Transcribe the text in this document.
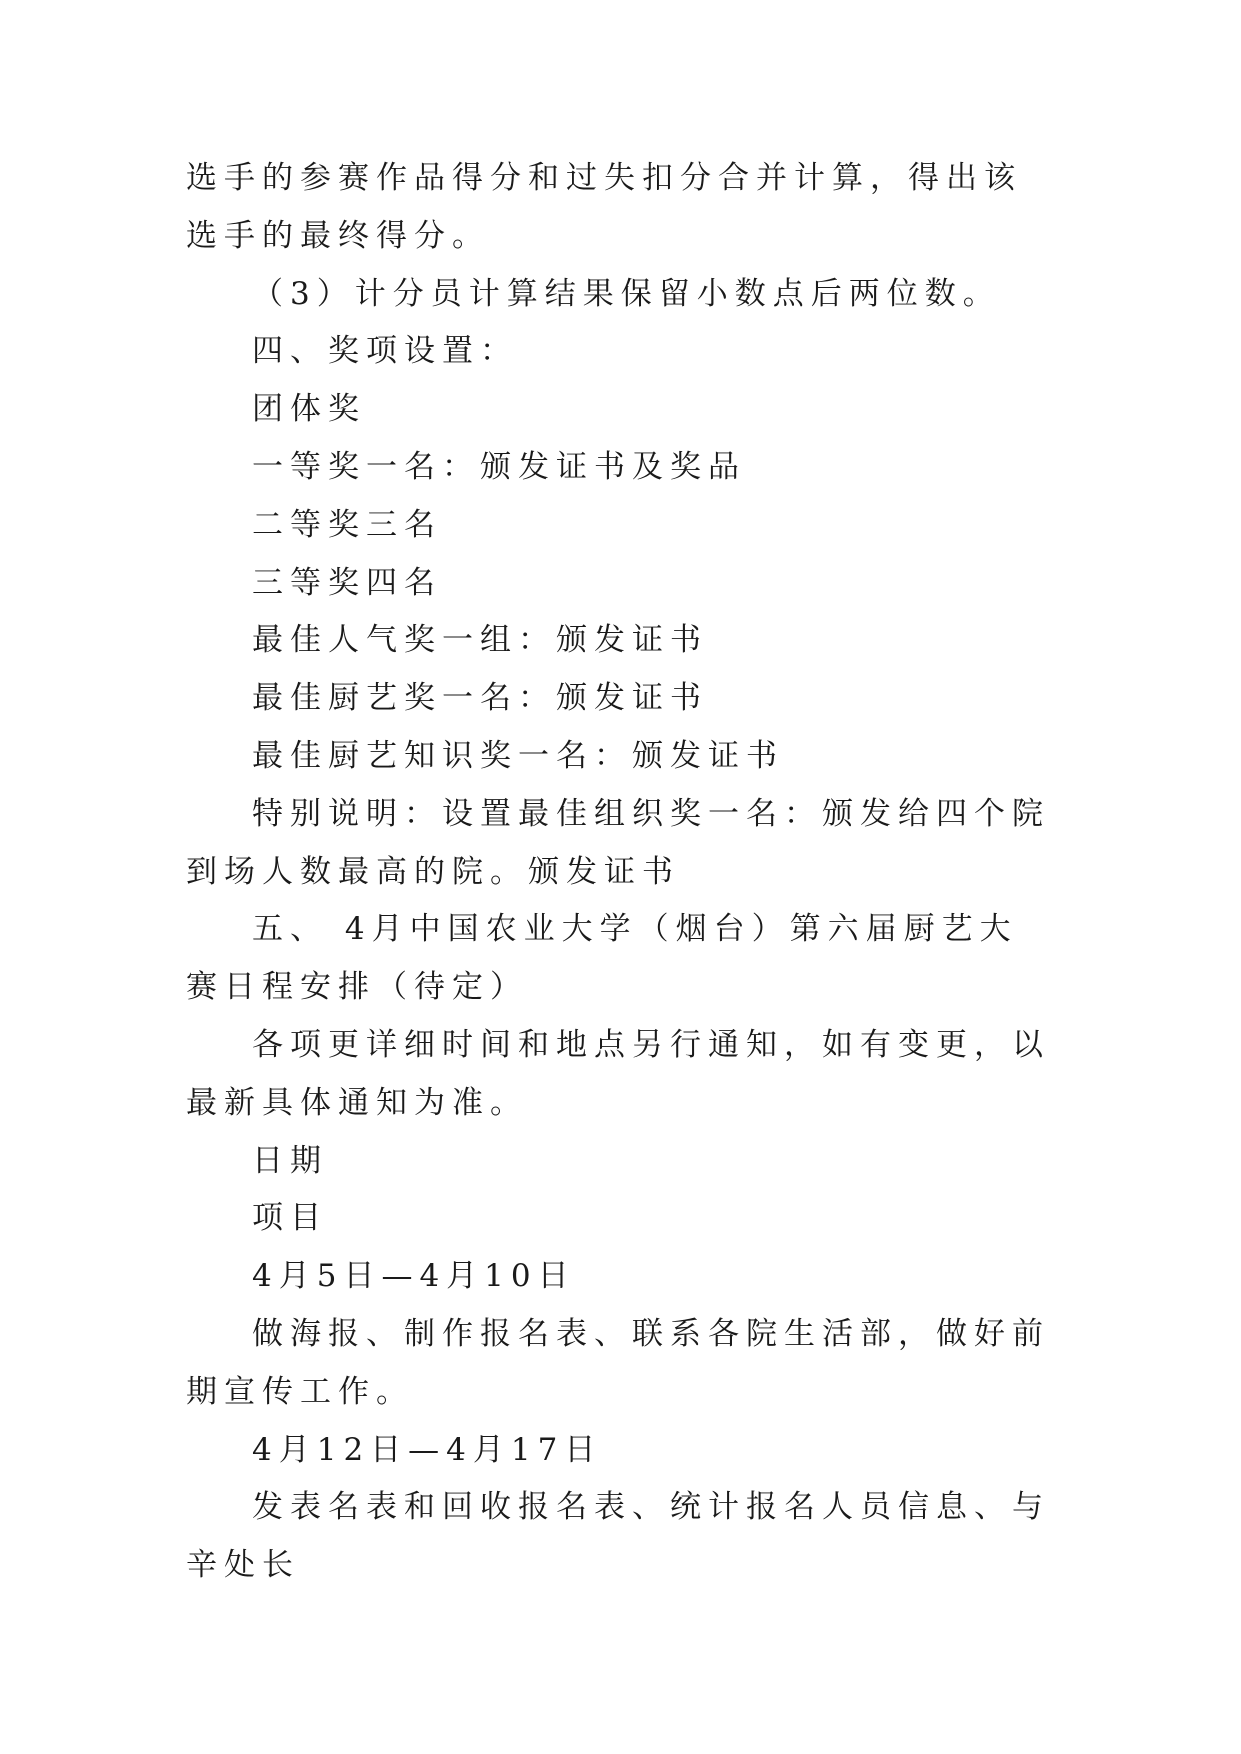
选手的参赛作品得分和过失扣分合并计算，得出该选手的最终得分。

（3）计分员计算结果保留小数点后两位数。

四、奖项设置：

团体奖

一等奖一名：颁发证书及奖品

二等奖三名

三等奖四名

最佳人气奖一组：颁发证书

最佳厨艺奖一名：颁发证书

最佳厨艺知识奖一名：颁发证书

特别说明：设置最佳组织奖一名：颁发给四个院到场人数最高的院。颁发证书

五、 4月中国农业大学（烟台）第六届厨艺大赛日程安排（待定）

各项更详细时间和地点另行通知，如有变更，以最新具体通知为准。

日期

项目

4月5日—4月10日

做海报、制作报名表、联系各院生活部，做好前期宣传工作。

4月12日—4月17日

发表名表和回收报名表、统计报名人员信息、与辛处长
